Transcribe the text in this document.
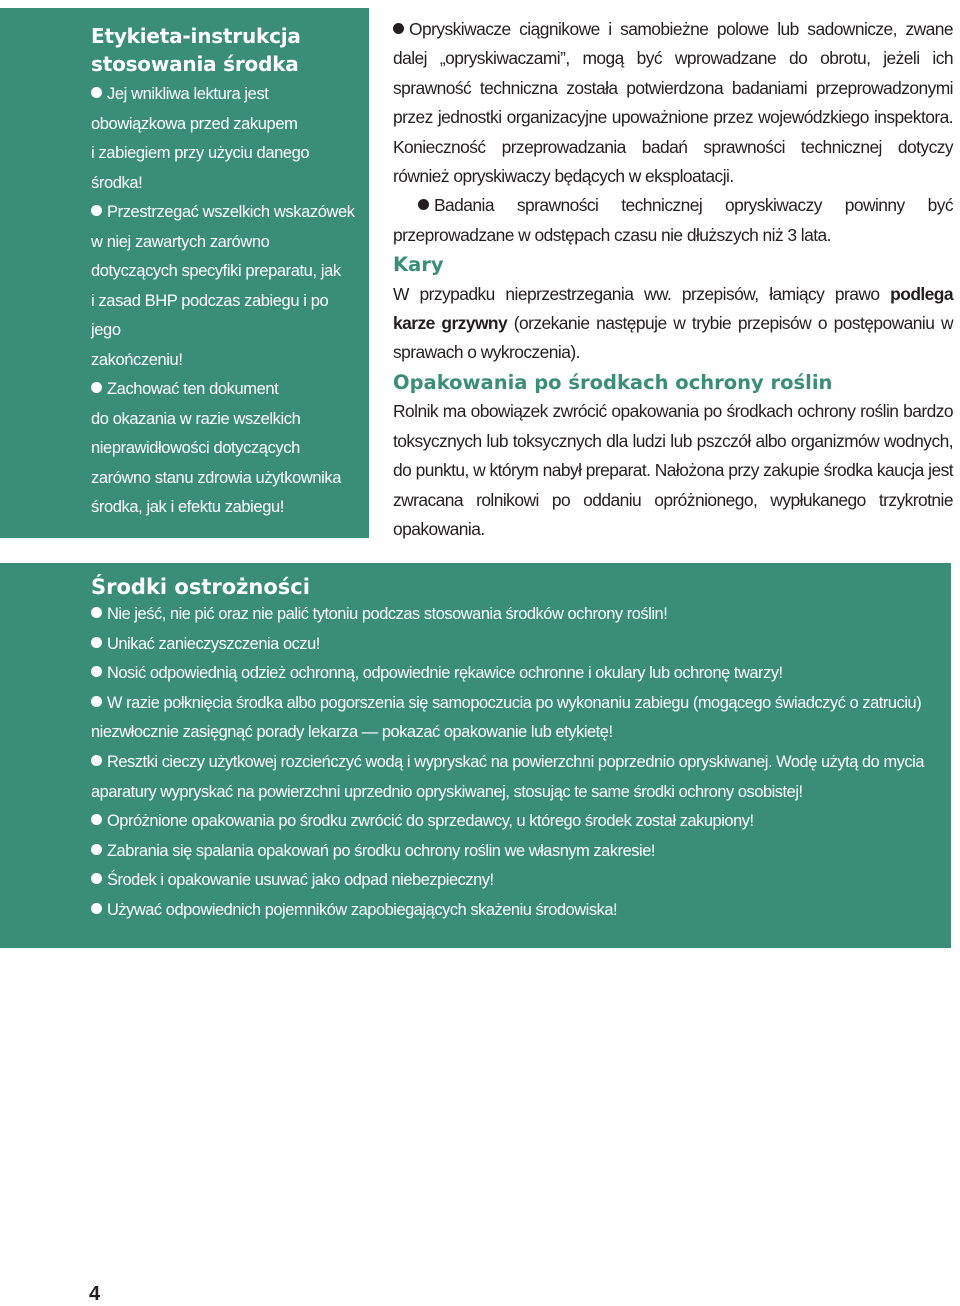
Etykieta-instrukcja
stosowania środka

Jej wnikliwa lektura jest
obowiązkowa przed zakupem
i zabiegiem przy użyciu danego
środka!

Przestrzegać wszelkich wskazówek
w niej zawartych zarówno
dotyczących specyfiki preparatu, jak
i zasad BHP podczas zabiegu i po jego
zakończeniu!

Zachować ten dokument
do okazania w razie wszelkich
nieprawidłowości dotyczących
zarówno stanu zdrowia użytkownika
środka, jak i efektu zabiegu!

Opryskiwacze ciągnikowe i samobieżne polowe lub sadownicze, zwane dalej „opryskiwaczami”, mogą być wprowadzane do obrotu, jeżeli ich sprawność techniczna została potwierdzona badaniami przeprowadzonymi przez jednostki organizacyjne upoważnione przez wojewódzkiego inspektora. Konieczność przeprowadzania badań sprawności technicznej dotyczy również opryskiwaczy będących w eksploatacji.

Badania sprawności technicznej opryskiwaczy powinny być przeprowadzane w odstępach czasu nie dłuższych niż 3 lata.

Kary

W przypadku nieprzestrzegania ww. przepisów, łamiący prawo podlega karze grzywny (orzekanie następuje w trybie przepisów o postępowaniu w sprawach o wykroczenia).

Opakowania po środkach ochrony roślin

Rolnik ma obowiązek zwrócić opakowania po środkach ochrony roślin bardzo toksycznych lub toksycznych dla ludzi lub pszczół albo organizmów wodnych, do punktu, w którym nabył preparat. Nałożona przy zakupie środka kaucja jest zwracana rolnikowi po oddaniu opróżnionego, wypłukanego trzykrotnie opakowania.

Środki ostrożności

Nie jeść, nie pić oraz nie palić tytoniu podczas stosowania środków ochrony roślin!

Unikać zanieczyszczenia oczu!

Nosić odpowiednią odzież ochronną, odpowiednie rękawice ochronne i okulary lub ochronę twarzy!

W razie połknięcia środka albo pogorszenia się samopoczucia po wykonaniu zabiegu (mogącego świadczyć o zatruciu) niezwłocznie zasięgnąć porady lekarza — pokazać opakowanie lub etykietę!

Resztki cieczy użytkowej rozcieńczyć wodą i wypryskać na powierzchni poprzednio opryskiwanej. Wodę użytą do mycia aparatury wypryskać na powierzchni uprzednio opryskiwanej, stosując te same środki ochrony osobistej!

Opróżnione opakowania po środku zwrócić do sprzedawcy, u którego środek został zakupiony!

Zabrania się spalania opakowań po środku ochrony roślin we własnym zakresie!

Środek i opakowanie usuwać jako odpad niebezpieczny!

Używać odpowiednich pojemników zapobiegających skażeniu środowiska!

4
